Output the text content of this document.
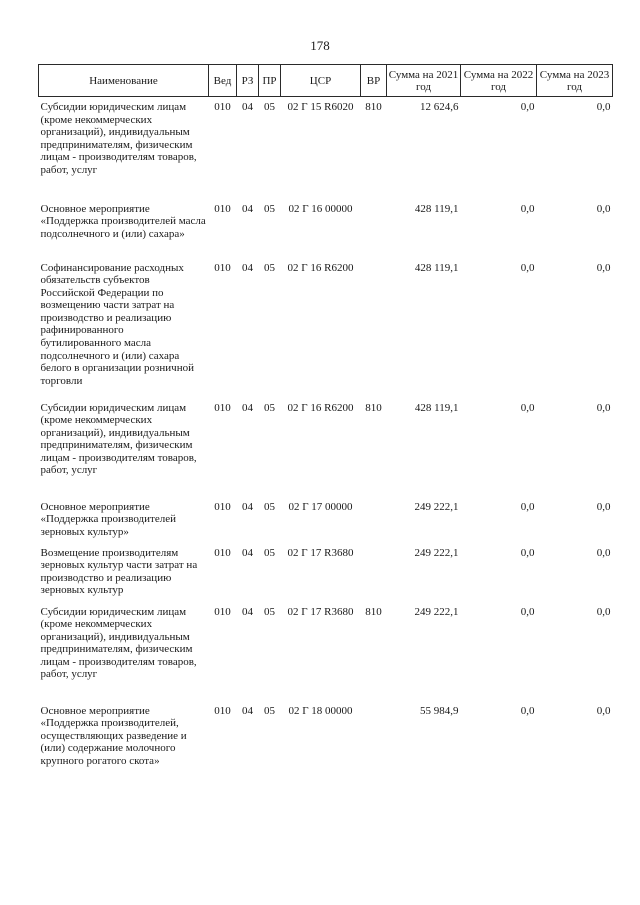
178
Наименование	Вед	РЗ	ПР	ЦСР	ВР	Сумма на 2021 год	Сумма на 2022 год	Сумма на 2023 год
Субсидии юридическим лицам (кроме некоммерческих организаций), индивидуальным предпринимателям, физическим лицам - производителям товаров, работ, услуг	010	04	05	02 Г 15 R6020	810	12 624,6	0,0	0,0
Основное мероприятие «Поддержка производителей масла подсолнечного и (или) сахара»	010	04	05	02 Г 16 00000		428 119,1	0,0	0,0
Софинансирование расходных обязательств субъектов Российской Федерации по возмещению части затрат на производство и реализацию рафинированного бутилированного масла подсолнечного и (или) сахара белого в организации розничной торговли	010	04	05	02 Г 16 R6200		428 119,1	0,0	0,0
Субсидии юридическим лицам (кроме некоммерческих организаций), индивидуальным предпринимателям, физическим лицам - производителям товаров, работ, услуг	010	04	05	02 Г 16 R6200	810	428 119,1	0,0	0,0
Основное мероприятие «Поддержка производителей зерновых культур»	010	04	05	02 Г 17 00000		249 222,1	0,0	0,0
Возмещение производителям зерновых культур части затрат на производство и реализацию зерновых культур	010	04	05	02 Г 17 R3680		249 222,1	0,0	0,0
Субсидии юридическим лицам (кроме некоммерческих организаций), индивидуальным предпринимателям, физическим лицам - производителям товаров, работ, услуг	010	04	05	02 Г 17 R3680	810	249 222,1	0,0	0,0
Основное мероприятие «Поддержка производителей, осуществляющих разведение и (или) содержание молочного крупного рогатого скота»	010	04	05	02 Г 18 00000		55 984,9	0,0	0,0
